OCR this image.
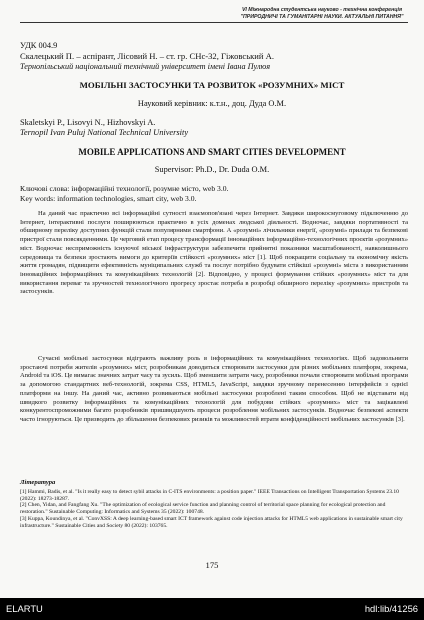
VI Міжнародна студентська науково - технічна конференція
"ПРИРОДНИЧІ ТА ГУМАНІТАРНІ НАУКИ. АКТУАЛЬНІ ПИТАННЯ"
УДК 004.9
Скалецький П. – аспірант, Лісовий Н. – ст. гр. СНс-32, Гіжовський А.
Тернопільський національний технічний університет імені Івана Пулюя
МОБІЛЬНІ ЗАСТОСУНКИ ТА РОЗВИТОК «РОЗУМНИХ» МІСТ
Науковий керівник: к.т.н., доц. Дуда О.М.
Skaletskyi P., Lisovyi N., Hizhovskyi A.
Ternopil Ivan Puluj National Technical University
MOBILE APPLICATIONS AND SMART CITIES DEVELOPMENT
Supervisor: Ph.D., Dr. Duda O.M.
Ключові слова: інформаційні технології, розумне місто, web 3.0.
Key words: information technologies, smart city, web 3.0.
На даний час практично всі інформаційні сутності взаємопов'язані через Інтернет. Завдяки широкосмуговому підключенню до Інтернет, інтерактивні послуги поширюються практично в усіх доменах людської діяльності. Водночас, завдяки портативності та обширному переліку доступних функцій стали популярними смартфони. А «розумні» лічильники енергії, «розумні» прилади та безпекові пристрої стали повсякденними. Це черговий етап процесу трансформації інноваційних інформаційно-технологічних проєктів «розумних» міст. Водночас несприможність існуючої міської інфраструктури забезпечити прийнятні показники масштабованості, навколишнього середовища та безпеки зростають вимоги до критеріїв стійкості «розумних» міст [1]. Щоб покращити соціальну та економічну якість життя громадян, підвищити ефективність муніципальних служб та послуг потрібно будувати стійкіші «розумні» міста з використанням інноваційних інформаційних та комунікаційних технологій [2]. Відповідно, у процесі формування стійких «розумних» міст та для використання переваг та зручностей технологічного прогресу зростає потреба в розробці обширного переліку «розумних» пристроїв та застосунків.
Сучасні мобільні застосунки відіграють важливу роль в інформаційних та комунікаційних технологіях. Щоб задовольнити зростаючі потреби жителів «розумних» міст, розробникам доводиться створювати застосунки для різних мобільних платформ, зокрема, Android та iOS. Це вимагає значних затрат часу та зусиль. Щоб зменшити затрати часу, розробники почали створювати мобільні програми за допомогою стандартних веб-технологій, зокрема CSS, HTML5, JavaScript, завдяки зручному перенесенню інтерфейсів з однієї платформи на іншу. На даний час, активно розвиваються мобільні застосунки розроблені таким способом. Щоб не відставати від швидкого розвитку інформаційних та комунікаційних технологій для побудови стійких «розумних» міст та зацікавлені конкурентоспроможними багато розробників пришвидшують процеси розроблення мобільних застосунків. Водночас безпекові аспекти часто ігноруються. Це призводить до збільшення безпекових ризиків та можливостей втрати конфіденційності мобільних застосунків [3].
Література
[1] Hammi, Badis, et al. "Is it really easy to detect sybil attacks in C-ITS environments: a position paper." IEEE Transactions on Intelligent Transportation Systems 23.10 (2022): 18273-18287.
[2] Chen, Yidan, and Fangfang Xu. "The optimization of ecological service function and planning control of territorial space planning for ecological protection and restoration." Sustainable Computing: Informatics and Systems 35 (2022): 100748.
[3] Kuppa, Koundinya, et al. "ConvXSS: A deep learning-based smart ICT framework against code injection attacks for HTML5 web applications in sustainable smart city infrastructure." Sustainable Cities and Society 80 (2022): 103765.
175
ELARTU	hdl:lib/41256
